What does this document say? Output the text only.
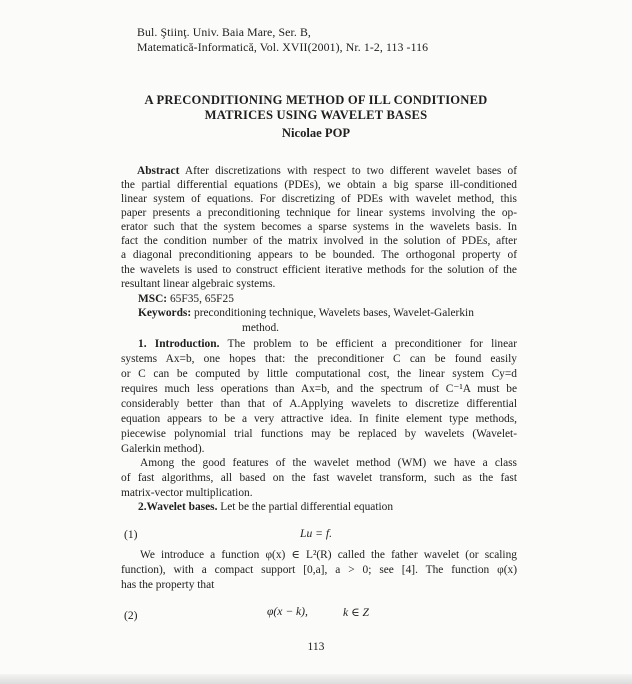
Bul. Ştiinţ. Univ. Baia Mare, Ser. B,
Matematică-Informatică, Vol. XVII(2001), Nr. 1-2, 113 -116
A PRECONDITIONING METHOD OF ILL CONDITIONED
MATRICES USING WAVELET BASES
Nicolae POP
Abstract After discretizations with respect to two different wavelet bases of
the partial differential equations (PDEs), we obtain a big sparse ill-conditioned
linear system of equations. For discretizing of PDEs with wavelet method, this
paper presents a preconditioning technique for linear systems involving the op-
erator such that the system becomes a sparse systems in the wavelets basis. In
fact the condition number of the matrix involved in the solution of PDEs, after
a diagonal preconditioning appears to be bounded. The orthogonal property of
the wavelets is used to construct efficient iterative methods for the solution of the
resultant linear algebraic systems.
MSC: 65F35, 65F25
Keywords: preconditioning technique, Wavelets bases, Wavelet-Galerkin
method.
1. Introduction. The problem to be efficient a preconditioner for linear
systems Ax=b, one hopes that: the preconditioner C can be found easily
or C can be computed by little computational cost, the linear system Cy=d
requires much less operations than Ax=b, and the spectrum of C⁻¹A must be
considerably better than that of A.Applying wavelets to discretize differential
equation appears to be a very attractive idea. In finite element type methods,
piecewise polynomial trial functions may be replaced by wavelets (Wavelet-
Galerkin method).
Among the good features of the wavelet method (WM) we have a class
of fast algorithms, all based on the fast wavelet transform, such as the fast
matrix-vector multiplication.
2.Wavelet bases. Let be the partial differential equation
(1)	Lu = f.
We introduce a function φ(x) ∈ L²(R) called the father wavelet (or scaling
function), with a compact support [0,a], a > 0; see [4]. The function φ(x)
has the property that
(2)	φ(x − k),	k ∈ Z
113
